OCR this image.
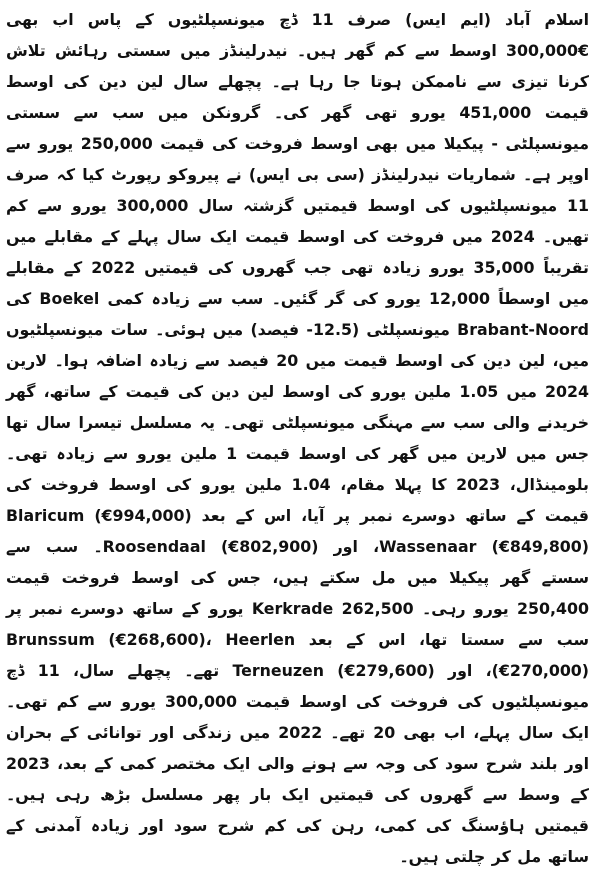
اسلام آباد (ایم ایس) صرف 11 ڈچ میونسپلٹیوں کے پاس اب بھی €300,000 اوسط سے کم گھر ہیں۔ نیدرلینڈز میں سستی رہائش تلاش کرنا تیزی سے ناممکن ہوتا جا رہا ہے۔ پچھلے سال لین دین کی اوسط قیمت 451,000 یورو تھی گھر کی۔ گرونکن میں سب سے سستی میونسپلٹی - پیکیلا میں بھی اوسط فروخت کی قیمت 250,000 یورو سے اوپر ہے۔ شماریات نیدرلینڈز (سی بی ایس) نے پیروکو رپورٹ کیا کہ صرف 11 میونسپلٹیوں کی اوسط قیمتیں گزشتہ سال 300,000 یورو سے کم تھیں۔ 2024 میں فروخت کی اوسط قیمت ایک سال پہلے کے مقابلے میں تقریباً 35,000 یورو زیادہ تھی جب گھروں کی قیمتیں 2022 کے مقابلے میں اوسطاً 12,000 یورو کی گر گئیں۔ سب سے زیادہ کمی Boekel کی Brabant-Noord میونسپلٹی (12.5- فیصد) میں ہوئی۔ سات میونسپلٹیوں میں، لین دین کی اوسط قیمت میں 20 فیصد سے زیادہ اضافہ ہوا۔ لارین 2024 میں 1.05 ملین یورو کی اوسط لین دین کی قیمت کے ساتھ، گھر خریدنے والی سب سے مہنگی میونسپلٹی تھی۔ یہ مسلسل تیسرا سال تھا جس میں لارین میں گھر کی اوسط قیمت 1 ملین یورو سے زیادہ تھی۔ بلومینڈال، 2023 کا پہلا مقام، 1.04 ملین یورو کی اوسط فروخت کی قیمت کے ساتھ دوسرے نمبر پر آیا، اس کے بعد Blaricum (€994,000) Wassenaar (€849,800)، اور Roosendaal (€802,900)۔ سب سے سستے گھر پیکیلا میں مل سکتے ہیں، جس کی اوسط فروخت قیمت 250,400 یورو رہی۔ Kerkrade 262,500 یورو کے ساتھ دوسرے نمبر پر سب سے سستا تھا، اس کے بعد Brunssum (€268,600)، Heerlen (€270,000)، اور Terneuzen (€279,600) تھے۔ پچھلے سال، 11 ڈچ میونسپلٹیوں کی فروخت کی اوسط قیمت 300,000 یورو سے کم تھی۔ ایک سال پہلے، اب بھی 20 تھے۔ 2022 میں زندگی اور توانائی کے بحران اور بلند شرح سود کی وجہ سے ہونے والی ایک مختصر کمی کے بعد، 2023 کے وسط سے گھروں کی قیمتیں ایک بار پھر مسلسل بڑھ رہی ہیں۔ قیمتیں ہاؤسنگ کی کمی، رہن کی کم شرح سود اور زیادہ آمدنی کے ساتھ مل کر چلتی ہیں۔
